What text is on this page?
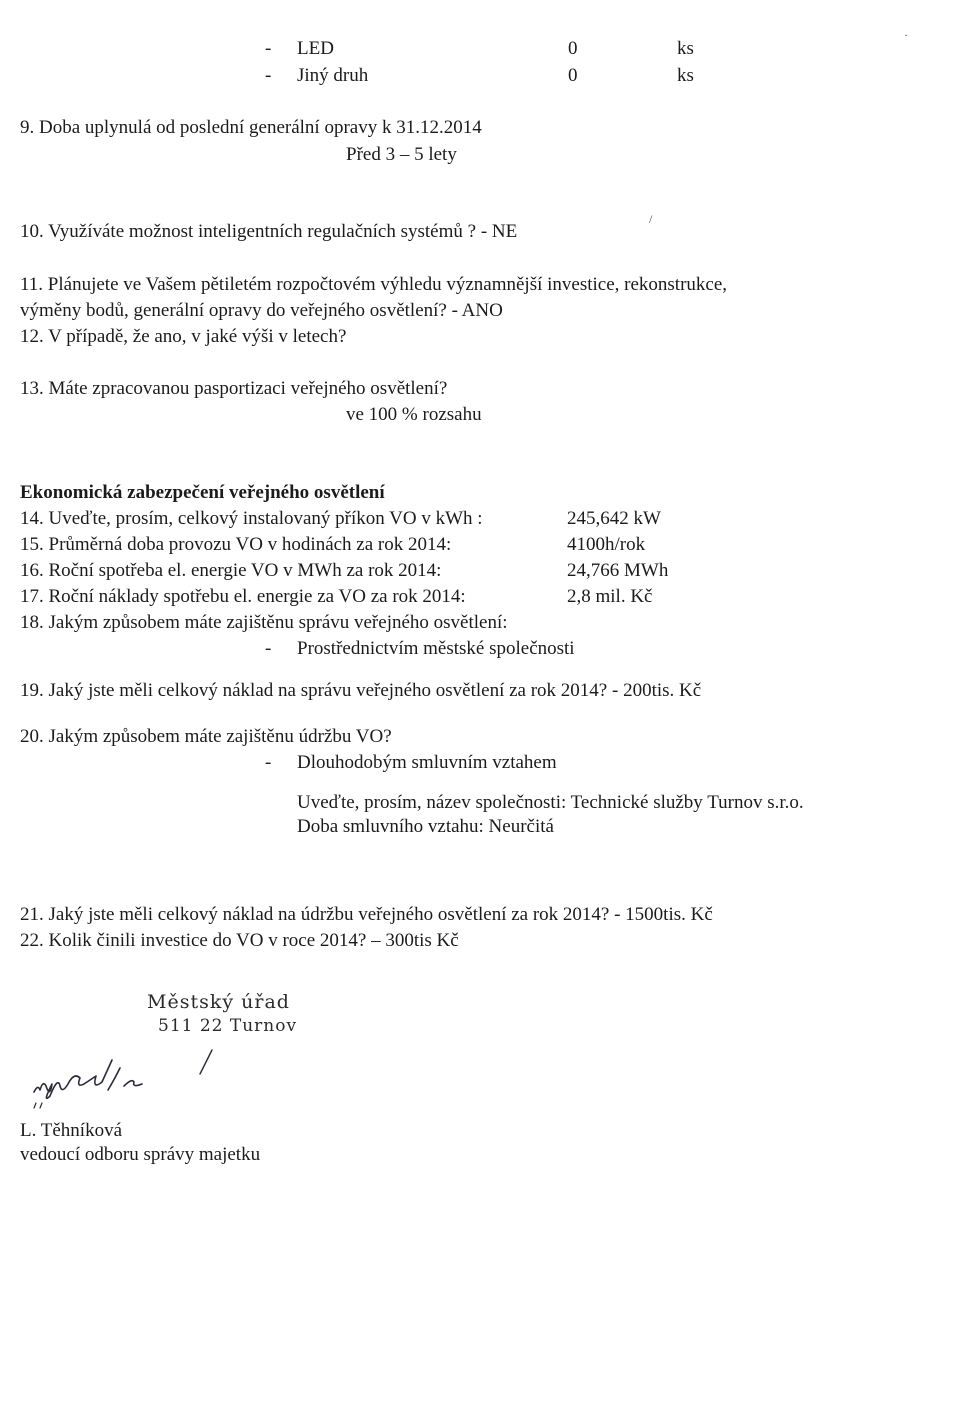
- LED	0	ks
- Jiný druh	0	ks
9. Doba uplynulá od poslední generální opravy k 31.12.2014
Před 3 – 5 lety
10. Využíváte možnost inteligentních regulačních systémů ? - NE
11. Plánujete ve Vašem pětiletém rozpočtovém výhledu významnější investice, rekonstrukce,
výměny bodů, generální opravy do veřejného osvětlení? - ANO
12. V případě, že ano, v jaké výši v letech?
13. Máte zpracovanou pasportizaci veřejného osvětlení?
ve 100 % rozsahu
Ekonomická zabezpečení veřejného osvětlení
14. Uveďte, prosím, celkový instalovaný příkon VO v kWh :	245,642 kW
15. Průměrná doba provozu VO v hodinách za rok 2014:	4100h/rok
16. Roční spotřeba el. energie VO v MWh za rok 2014:	24,766 MWh
17. Roční náklady spotřebu el. energie za VO za rok 2014:	2,8 mil. Kč
18. Jakým způsobem máte zajištěnu správu veřejného osvětlení:
- Prostřednictvím městské společnosti
19. Jaký jste měli celkový náklad na správu veřejného osvětlení za rok 2014? - 200tis. Kč
20. Jakým způsobem máte zajištěnu údržbu VO?
- Dlouhodobým smluvním vztahem
Uveďte, prosím, název společnosti: Technické služby Turnov s.r.o.
Doba smluvního vztahu: Neurčitá
21. Jaký jste měli celkový náklad na údržbu veřejného osvětlení za rok 2014? - 1500tis. Kč
22. Kolik činili investice do VO v roce 2014? – 300tis Kč
Městský úřad
511 22 Turnov
L. Těhníková
vedoucí odboru správy majetku
/
·
